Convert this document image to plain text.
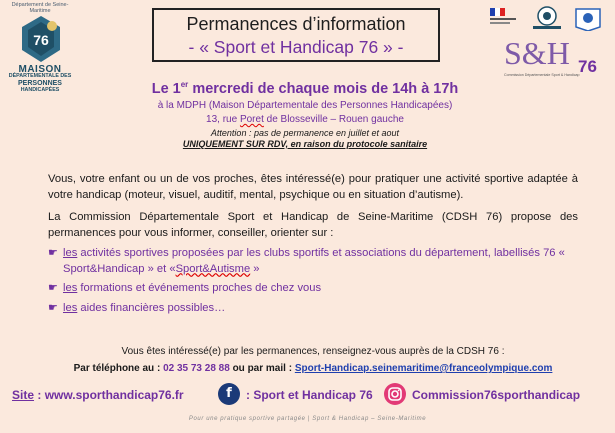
Département de Seine-Maritime
76
MAISON
DÉPARTEMENTALE DES
PERSONNES
HANDICAPÉES
Permanences d’information
- « Sport et Handicap 76 » -	S&H 76
Commission Départementale Sport & Handicap
Le 1er mercredi de chaque mois de 14h à 17h
à la MDPH (Maison Départementale des Personnes Handicapées)
13, rue Poret de Blosseville – Rouen gauche
Attention : pas de permanence en juillet et aout
UNIQUEMENT SUR RDV, en raison du protocole sanitaire

Vous, votre enfant ou un de vos proches, êtes intéressé(e) pour pratiquer une activité sportive adaptée à votre handicap (moteur, visuel, auditif, mental, psychique ou en situation d’autisme).

La Commission Départementale Sport et Handicap de Seine-Maritime (CDSH 76) propose des permanences pour vous informer, conseiller, orienter sur :

☛ les activités sportives proposées par les clubs sportifs et associations du département, labellisés 76 « Sport&Handicap » et «Sport&Autisme »
☛ les formations et événements proches de chez vous
☛ les aides financières possibles…
Vous êtes intéressé(e) par les permanences, renseignez-vous auprès de la CDSH 76 :
Par téléphone au : 02 35 73 28 88 ou par mail : Sport-Handicap.seinemaritime@franceolympique.com
Site : www.sporthandicap76.fr	f	: Sport et Handicap 76	Commission76sporthandicap
Pour une pratique sportive partagée | Sport & Handicap – Seine-Maritime
